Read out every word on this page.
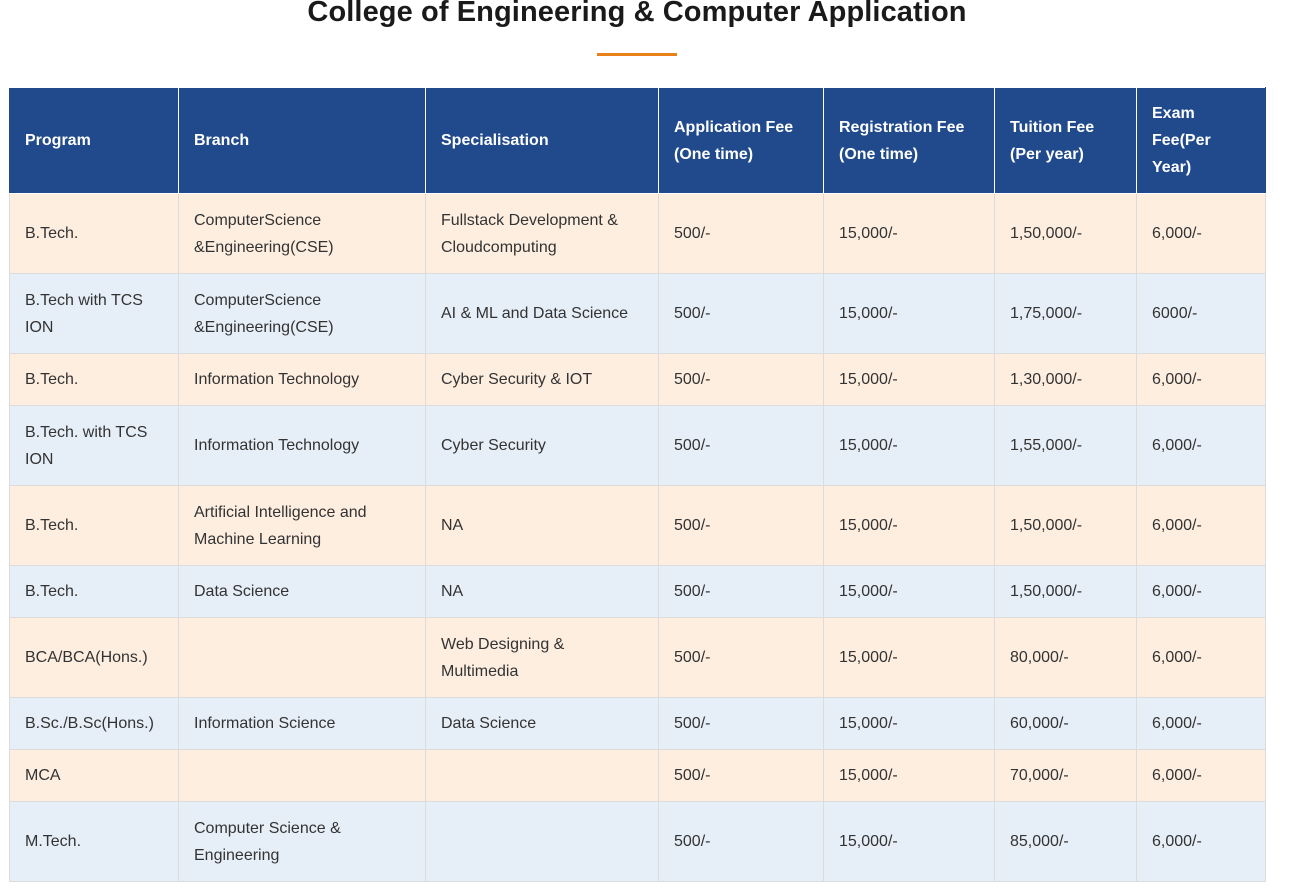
College of Engineering & Computer Application
Program	Branch	Specialisation	Application Fee (One time)	Registration Fee (One time)	Tuition Fee (Per year)	Exam Fee(Per Year)
B.Tech.	ComputerScience &Engineering(CSE)	Fullstack Development & Cloudcomputing	500/-	15,000/-	1,50,000/-	6,000/-
B.Tech with TCS ION	ComputerScience &Engineering(CSE)	AI & ML and Data Science	500/-	15,000/-	1,75,000/-	6000/-
B.Tech.	Information Technology	Cyber Security & IOT	500/-	15,000/-	1,30,000/-	6,000/-
B.Tech. with TCS ION	Information Technology	Cyber Security	500/-	15,000/-	1,55,000/-	6,000/-
B.Tech.	Artificial Intelligence and Machine Learning	NA	500/-	15,000/-	1,50,000/-	6,000/-
B.Tech.	Data Science	NA	500/-	15,000/-	1,50,000/-	6,000/-
BCA/BCA(Hons.)		Web Designing & Multimedia	500/-	15,000/-	80,000/-	6,000/-
B.Sc./B.Sc(Hons.)	Information Science	Data Science	500/-	15,000/-	60,000/-	6,000/-
MCA			500/-	15,000/-	70,000/-	6,000/-
M.Tech.	Computer Science & Engineering		500/-	15,000/-	85,000/-	6,000/-
